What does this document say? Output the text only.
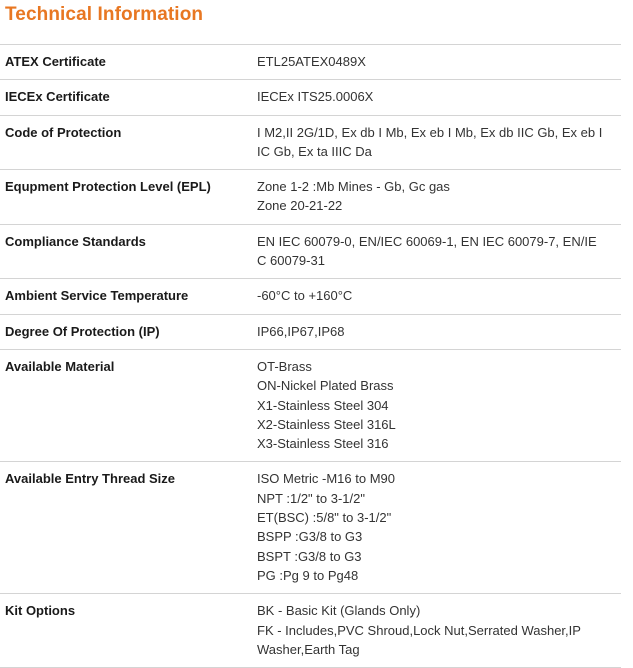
Technical Information
ATEX Certificate	ETL25ATEX0489X
IECEx Certificate	IECEx ITS25.0006X
Code of Protection	I M2,II 2G/1D, Ex db I Mb, Ex eb I Mb, Ex db IIC Gb, Ex eb I
IC Gb, Ex ta IIIC Da
Equpment Protection Level (EPL)	Zone 1-2 :Mb Mines - Gb, Gc gas
Zone 20-21-22
Compliance Standards	EN IEC 60079-0, EN/IEC 60069-1, EN IEC 60079-7, EN/IE
C 60079-31
Ambient Service Temperature	-60°C to +160°C
Degree Of Protection (IP)	IP66,IP67,IP68
Available Material	OT-Brass
ON-Nickel Plated Brass
X1-Stainless Steel 304
X2-Stainless Steel 316L
X3-Stainless Steel 316
Available Entry Thread Size	ISO Metric -M16 to M90
NPT :1/2" to 3-1/2"
ET(BSC) :5/8" to 3-1/2"
BSPP :G3/8 to G3
BSPT :G3/8 to G3
PG :Pg 9 to Pg48
Kit Options	BK - Basic Kit (Glands Only)
FK - Includes,PVC Shroud,Lock Nut,Serrated Washer,IP
Washer,Earth Tag
